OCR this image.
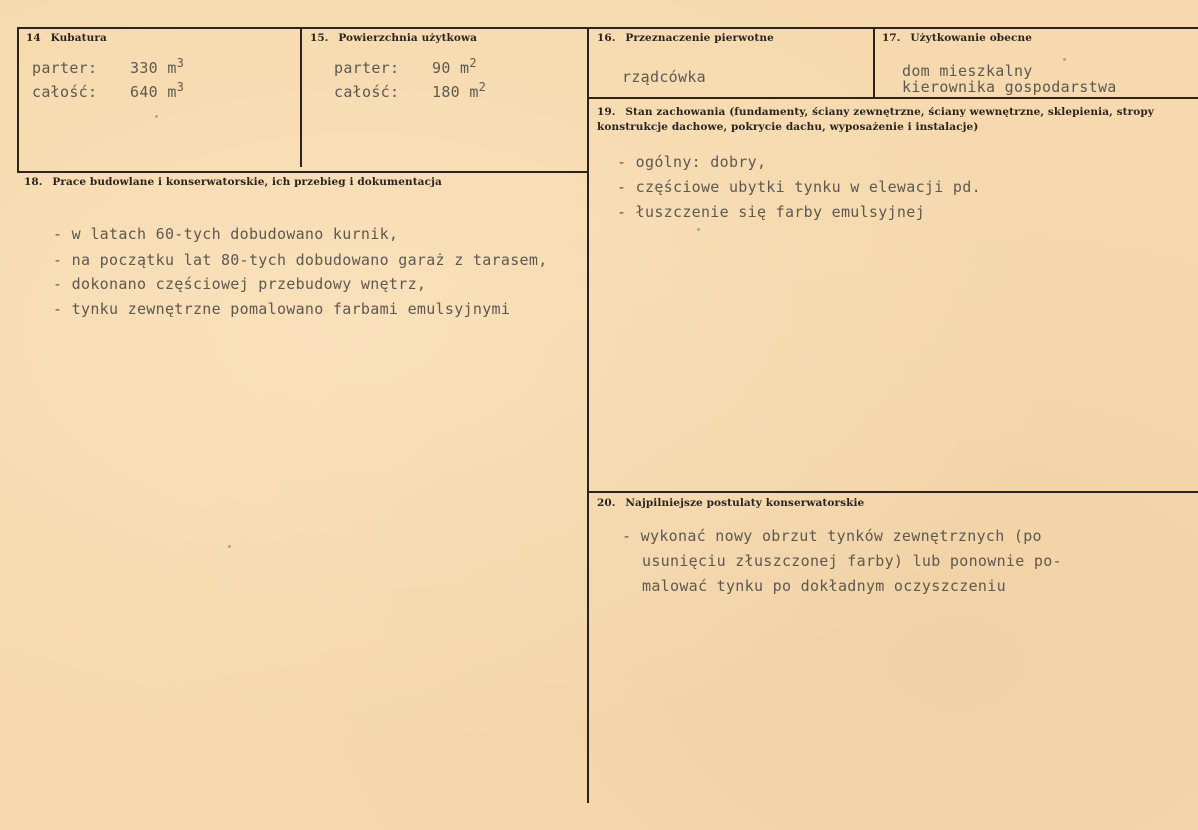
14 Kubatura
parter: 330 $m^3$
całość: 640 $m^3$
15. Powierzchnia użytkowa
parter: 90 $m^2$
całość: 180 $m^2$
16. Przeznaczenie pierwotne
rządcówka
17. Użytkowanie obecne
dom mieszkalny
kierownika gospodarstwa
18. Prace budowlane i konserwatorskie, ich przebieg i dokumentacja
- w latach 60-tych dobudowano kurnik,
- na początku lat 80-tych dobudowano garaż z tarasem,
- dokonano częściowej przebudowy wnętrz,
- tynku zewnętrzne pomalowano farbami emulsyjnymi
19. Stan zachowania (fundamenty, ściany zewnętrzne, ściany wewnętrzne, sklepienia, stropy konstrukcje dachowe, pokrycie dachu, wyposażenie i instalacje)
- ogólny: dobry,
- częściowe ubytki tynku w elewacji pd.
- łuszczenie się farby emulsyjnej
20. Najpilniejsze postulaty konserwatorskie
- wykonać nowy obrzut tynków zewnętrznych (po
usunięciu złuszczonej farby) lub ponownie po-
malować tynku po dokładnym oczyszczeniu
